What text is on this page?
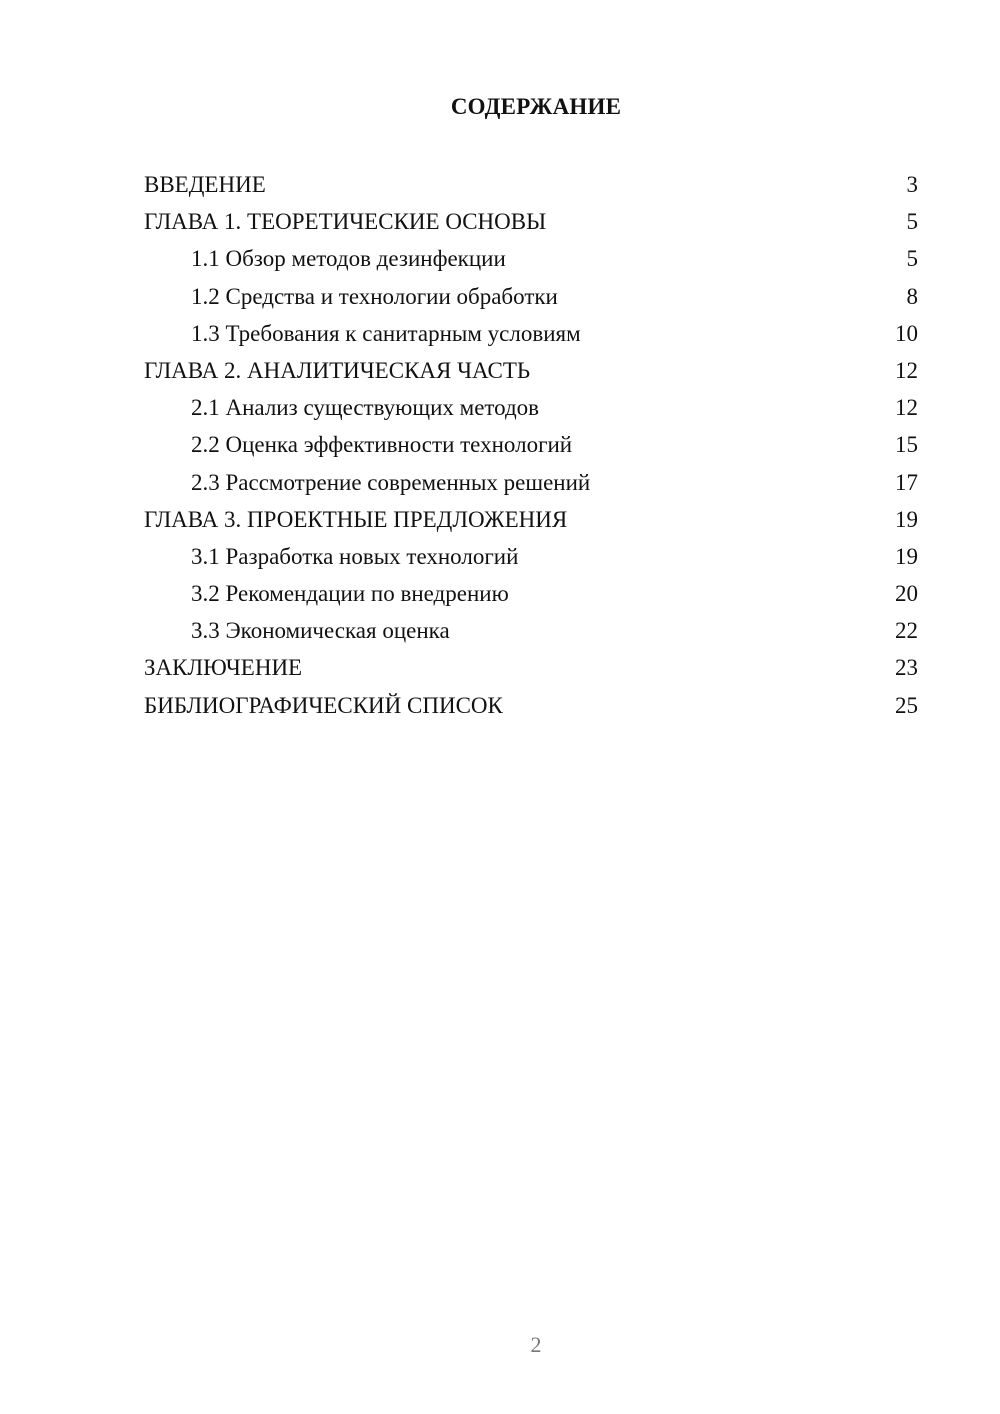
СОДЕРЖАНИЕ
ВВЕДЕНИЕ	3
ГЛАВА 1. ТЕОРЕТИЧЕСКИЕ ОСНОВЫ	5
1.1 Обзор методов дезинфекции	5
1.2 Средства и технологии обработки	8
1.3 Требования к санитарным условиям	10
ГЛАВА 2. АНАЛИТИЧЕСКАЯ ЧАСТЬ	12
2.1 Анализ существующих методов	12
2.2 Оценка эффективности технологий	15
2.3 Рассмотрение современных решений	17
ГЛАВА 3. ПРОЕКТНЫЕ ПРЕДЛОЖЕНИЯ	19
3.1 Разработка новых технологий	19
3.2 Рекомендации по внедрению	20
3.3 Экономическая оценка	22
ЗАКЛЮЧЕНИЕ	23
БИБЛИОГРАФИЧЕСКИЙ СПИСОК	25
2
